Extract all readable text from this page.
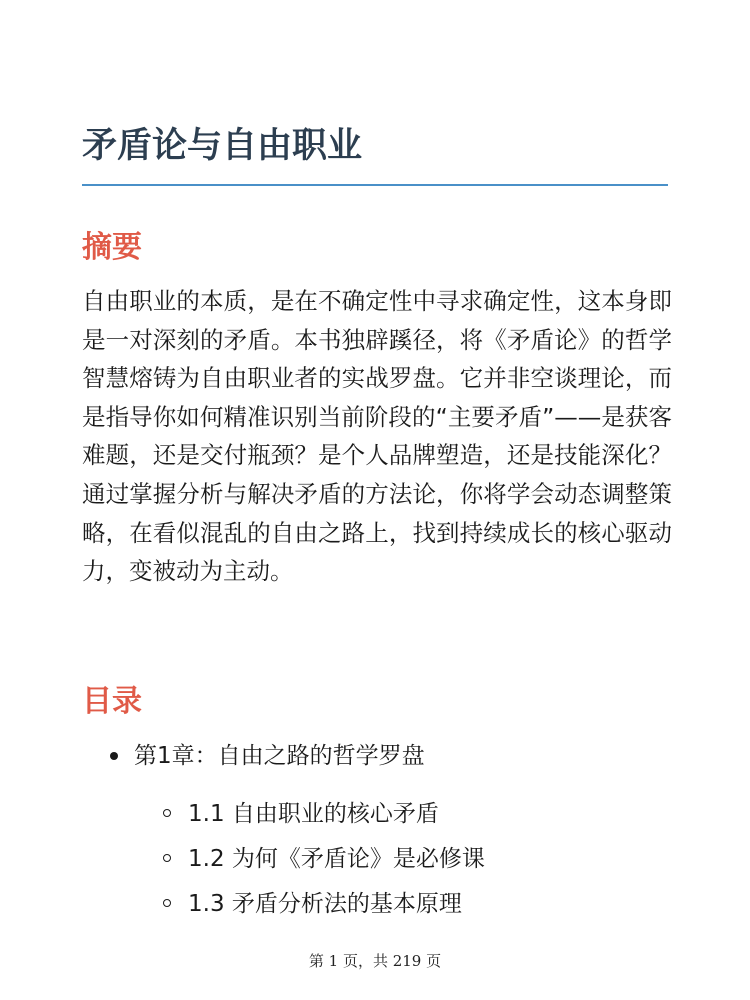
矛盾论与自由职业
摘要

自由职业的本质，是在不确定性中寻求确定性，这本身即是一对深刻的矛盾。本书独辟蹊径，将《矛盾论》的哲学智慧熔铸为自由职业者的实战罗盘。它并非空谈理论，而是指导你如何精准识别当前阶段的“主要矛盾”——是获客难题，还是交付瓶颈？是个人品牌塑造，还是技能深化？通过掌握分析与解决矛盾的方法论，你将学会动态调整策略，在看似混乱的自由之路上，找到持续成长的核心驱动力，变被动为主动。

目录
第1章：自由之路的哲学罗盘
1.1 自由职业的核心矛盾
1.2 为何《矛盾论》是必修课
1.3 矛盾分析法的基本原理
第 1 页，共 219 页
